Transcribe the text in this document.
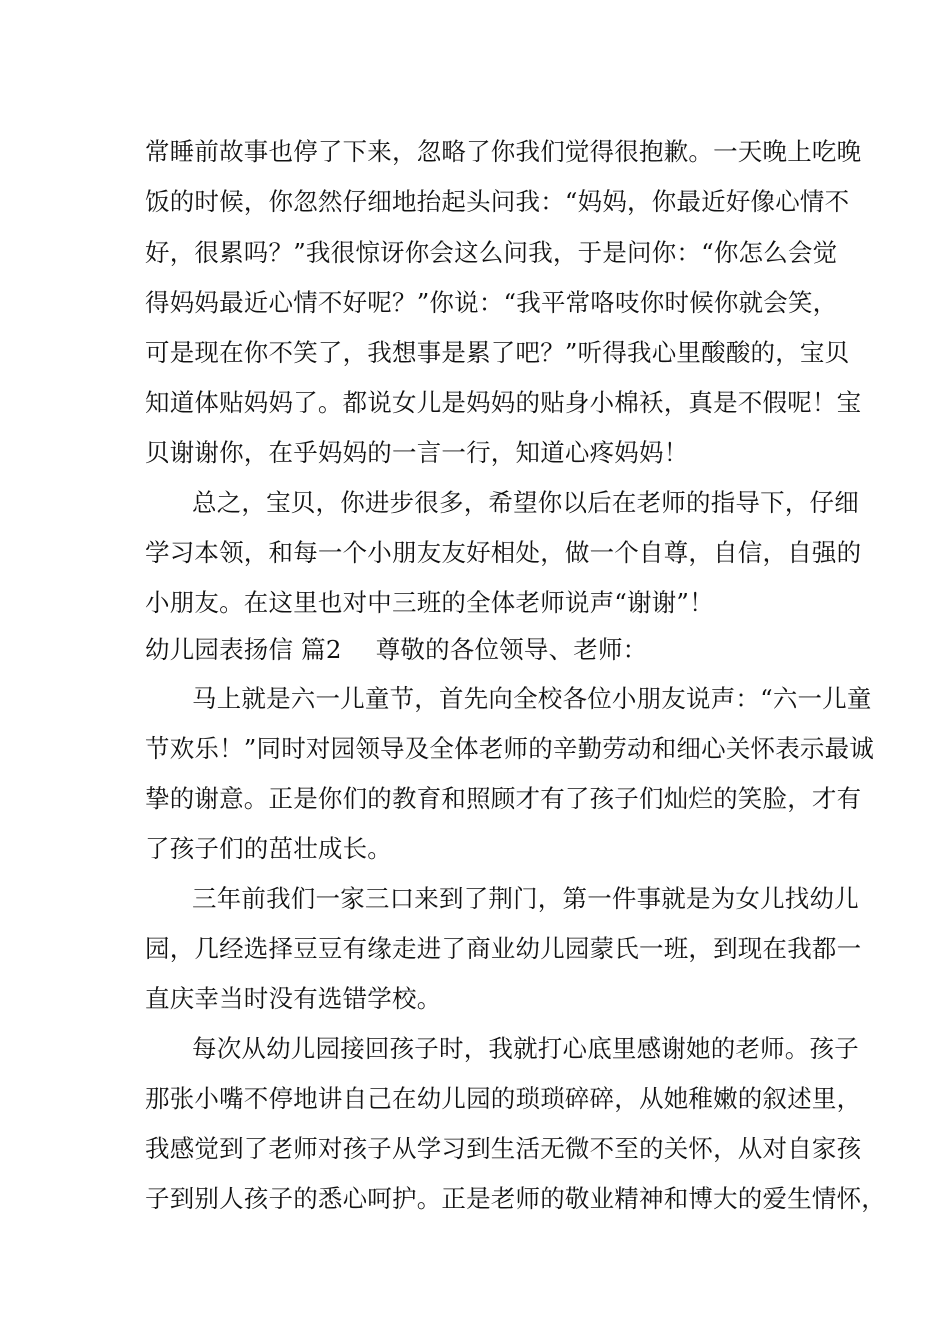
常睡前故事也停了下来，忽略了你我们觉得很抱歉。一天晚上吃晚
饭的时候，你忽然仔细地抬起头问我：“妈妈，你最近好像心情不
好，很累吗？”我很惊讶你会这么问我，于是问你：“你怎么会觉
得妈妈最近心情不好呢？”你说：“我平常咯吱你时候你就会笑，
可是现在你不笑了，我想事是累了吧？”听得我心里酸酸的，宝贝
知道体贴妈妈了。都说女儿是妈妈的贴身小棉袄，真是不假呢！宝
贝谢谢你，在乎妈妈的一言一行，知道心疼妈妈！
总之，宝贝，你进步很多，希望你以后在老师的指导下，仔细
学习本领，和每一个小朋友友好相处，做一个自尊，自信，自强的
小朋友。在这里也对中三班的全体老师说声“谢谢”！
幼儿园表扬信 篇2 尊敬的各位领导、老师：
马上就是六一儿童节，首先向全校各位小朋友说声：“六一儿童
节欢乐！”同时对园领导及全体老师的辛勤劳动和细心关怀表示最诚
挚的谢意。正是你们的教育和照顾才有了孩子们灿烂的笑脸，才有
了孩子们的茁壮成长。
三年前我们一家三口来到了荆门，第一件事就是为女儿找幼儿
园，几经选择豆豆有缘走进了商业幼儿园蒙氏一班，到现在我都一
直庆幸当时没有选错学校。
每次从幼儿园接回孩子时，我就打心底里感谢她的老师。孩子
那张小嘴不停地讲自己在幼儿园的琐琐碎碎，从她稚嫩的叙述里，
我感觉到了老师对孩子从学习到生活无微不至的关怀，从对自家孩
子到别人孩子的悉心呵护。正是老师的敬业精神和博大的爱生情怀，
